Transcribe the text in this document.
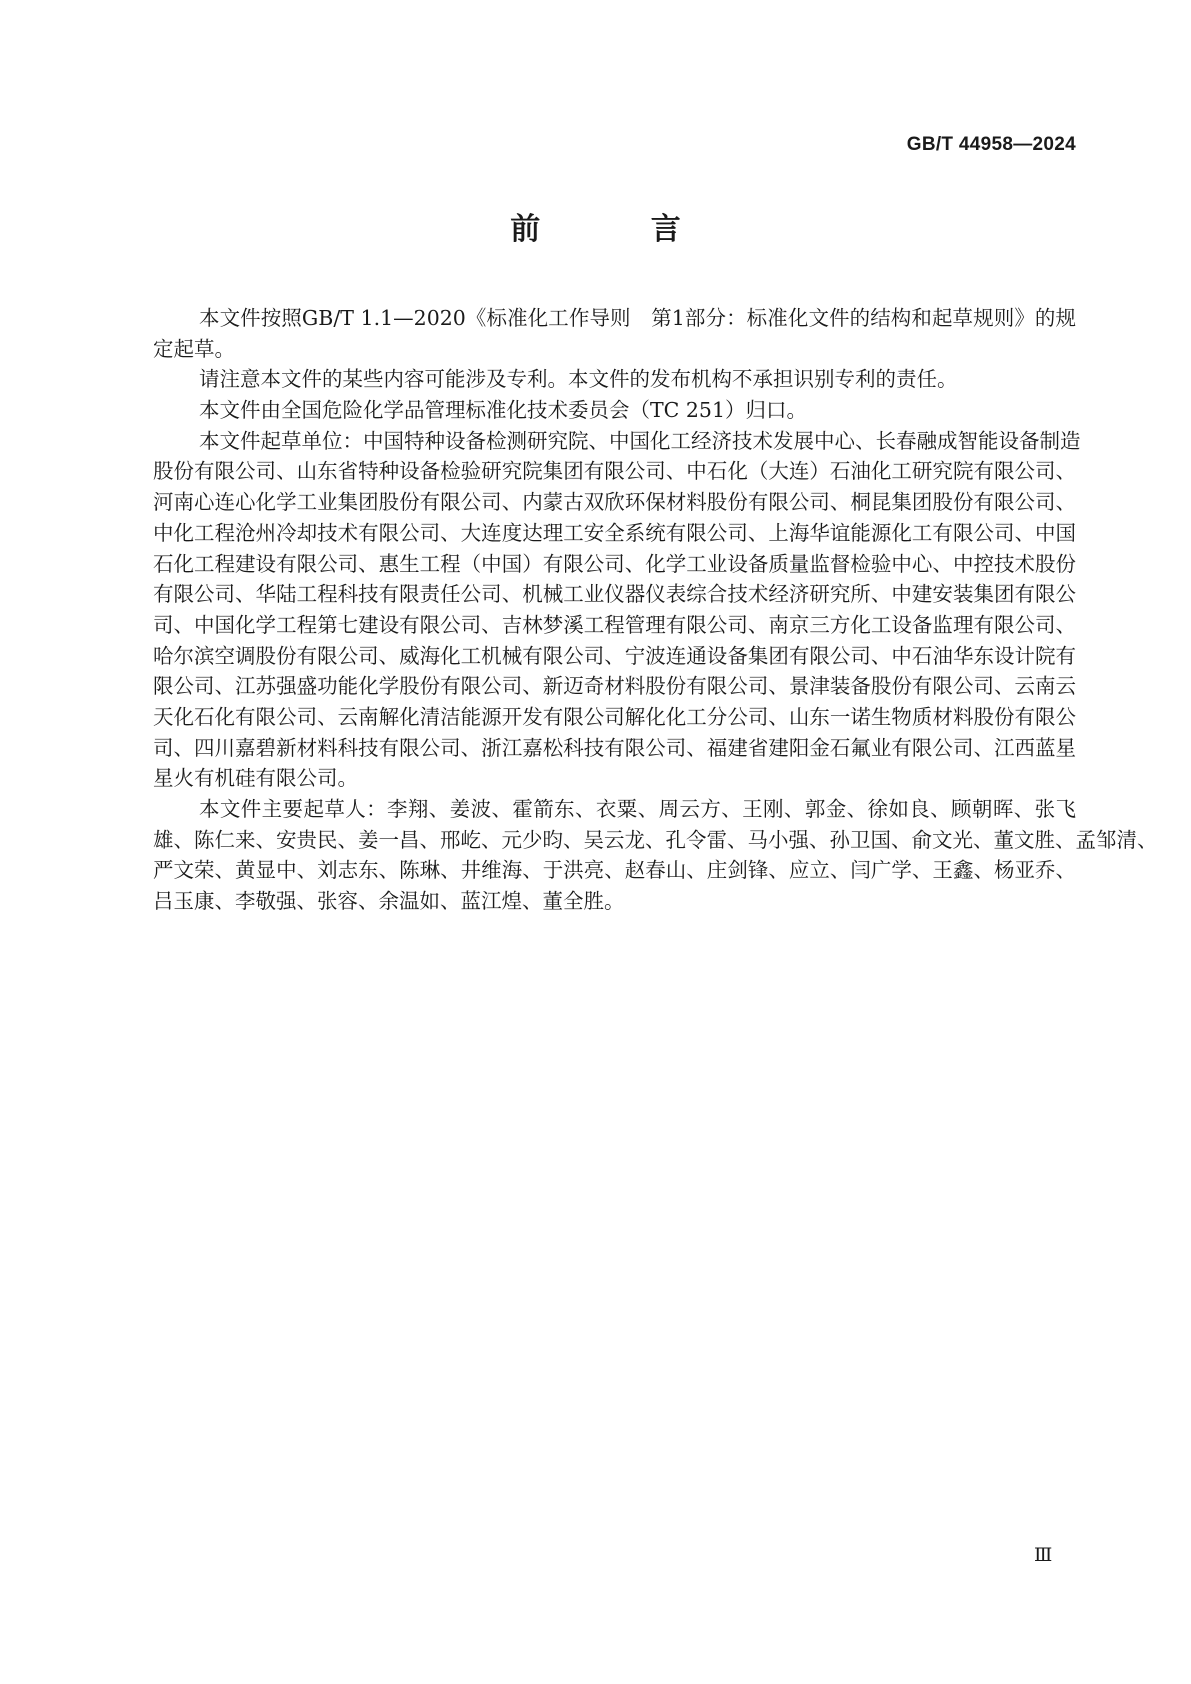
GB/T 44958—2024
前 言
本文件按照GB/T 1.1—2020《标准化工作导则　第1部分：标准化文件的结构和起草规则》的规
定起草。
请注意本文件的某些内容可能涉及专利。本文件的发布机构不承担识别专利的责任。
本文件由全国危险化学品管理标准化技术委员会（TC 251）归口。
本文件起草单位：中国特种设备检测研究院、中国化工经济技术发展中心、长春融成智能设备制造
股份有限公司、山东省特种设备检验研究院集团有限公司、中石化（大连）石油化工研究院有限公司、
河南心连心化学工业集团股份有限公司、内蒙古双欣环保材料股份有限公司、桐昆集团股份有限公司、
中化工程沧州冷却技术有限公司、大连度达理工安全系统有限公司、上海华谊能源化工有限公司、中国
石化工程建设有限公司、惠生工程（中国）有限公司、化学工业设备质量监督检验中心、中控技术股份
有限公司、华陆工程科技有限责任公司、机械工业仪器仪表综合技术经济研究所、中建安装集团有限公
司、中国化学工程第七建设有限公司、吉林梦溪工程管理有限公司、南京三方化工设备监理有限公司、
哈尔滨空调股份有限公司、威海化工机械有限公司、宁波连通设备集团有限公司、中石油华东设计院有
限公司、江苏强盛功能化学股份有限公司、新迈奇材料股份有限公司、景津装备股份有限公司、云南云
天化石化有限公司、云南解化清洁能源开发有限公司解化化工分公司、山东一诺生物质材料股份有限公
司、四川嘉碧新材料科技有限公司、浙江嘉松科技有限公司、福建省建阳金石氟业有限公司、江西蓝星
星火有机硅有限公司。
本文件主要起草人：李翔、姜波、霍箭东、衣粟、周云方、王刚、郭金、徐如良、顾朝晖、张飞
雄、陈仁来、安贵民、姜一昌、邢屹、元少昀、吴云龙、孔令雷、马小强、孙卫国、俞文光、董文胜、孟邹清、
严文荣、黄显中、刘志东、陈琳、井维海、于洪亮、赵春山、庄剑锋、应立、闫广学、王鑫、杨亚乔、
吕玉康、李敬强、张容、余温如、蓝江煌、董全胜。
Ⅲ
